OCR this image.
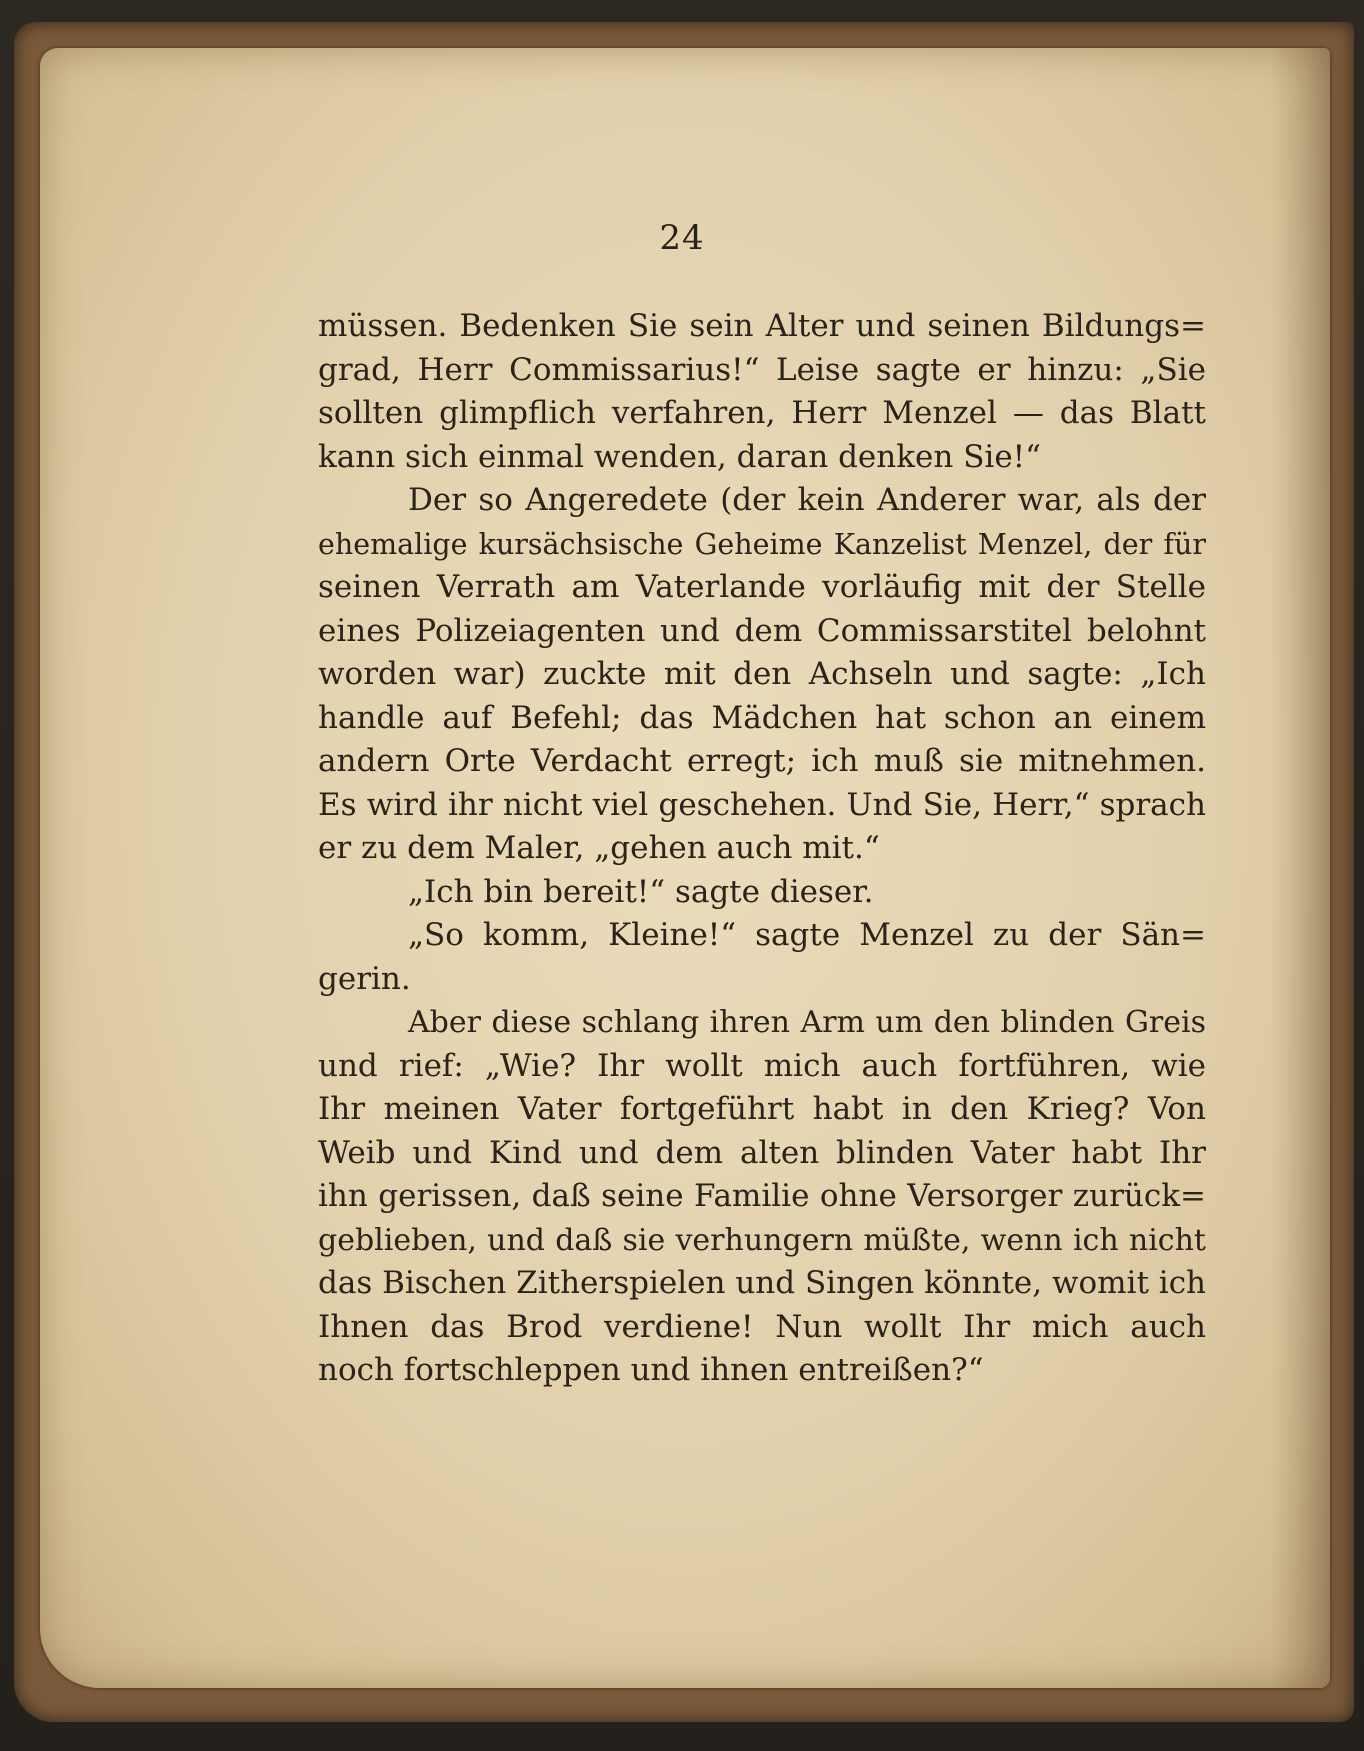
24
müssen. Bedenken Sie sein Alter und seinen Bildungs=
grad, Herr Commissarius!“ Leise sagte er hinzu: „Sie
sollten glimpflich verfahren, Herr Menzel — das Blatt
kann sich einmal wenden, daran denken Sie!“
Der so Angeredete (der kein Anderer war, als der
ehemalige kursächsische Geheime Kanzelist Menzel, der für
seinen Verrath am Vaterlande vorläufig mit der Stelle
eines Polizeiagenten und dem Commissarstitel belohnt
worden war) zuckte mit den Achseln und sagte: „Ich
handle auf Befehl; das Mädchen hat schon an einem
andern Orte Verdacht erregt; ich muß sie mitnehmen.
Es wird ihr nicht viel geschehen. Und Sie, Herr,“ sprach
er zu dem Maler, „gehen auch mit.“
„Ich bin bereit!“ sagte dieser.
„So komm, Kleine!“ sagte Menzel zu der Sän=
gerin.
Aber diese schlang ihren Arm um den blinden Greis
und rief: „Wie? Ihr wollt mich auch fortführen, wie
Ihr meinen Vater fortgeführt habt in den Krieg? Von
Weib und Kind und dem alten blinden Vater habt Ihr
ihn gerissen, daß seine Familie ohne Versorger zurück=
geblieben, und daß sie verhungern müßte, wenn ich nicht
das Bischen Zitherspielen und Singen könnte, womit ich
Ihnen das Brod verdiene! Nun wollt Ihr mich auch
noch fortschleppen und ihnen entreißen?“
